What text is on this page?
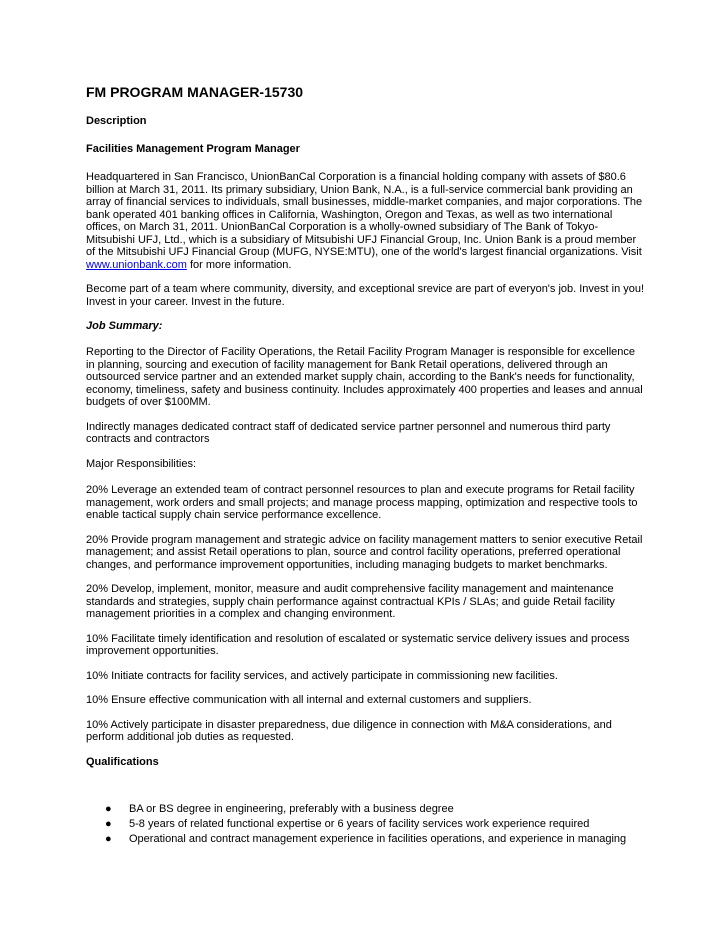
FM PROGRAM MANAGER-15730
Description
Facilities Management Program Manager

Headquartered in San Francisco, UnionBanCal Corporation is a financial holding company with assets of $80.6 billion at March 31, 2011. Its primary subsidiary, Union Bank, N.A., is a full-service commercial bank providing an array of financial services to individuals, small businesses, middle-market companies, and major corporations. The bank operated 401 banking offices in California, Washington, Oregon and Texas, as well as two international offices, on March 31, 2011. UnionBanCal Corporation is a wholly-owned subsidiary of The Bank of Tokyo-Mitsubishi UFJ, Ltd., which is a subsidiary of Mitsubishi UFJ Financial Group, Inc. Union Bank is a proud member of the Mitsubishi UFJ Financial Group (MUFG, NYSE:MTU), one of the world's largest financial organizations. Visit www.unionbank.com for more information.

Become part of a team where community, diversity, and exceptional srevice are part of everyon's job. Invest in you! Invest in your career. Invest in the future.

Job Summary:

Reporting to the Director of Facility Operations, the Retail Facility Program Manager is responsible for excellence in planning, sourcing and execution of facility management for Bank Retail operations, delivered through an outsourced service partner and an extended market supply chain, according to the Bank's needs for functionality, economy, timeliness, safety and business continuity. Includes approximately 400 properties and leases and annual budgets of over $100MM.

Indirectly manages dedicated contract staff of dedicated service partner personnel and numerous third party contracts and contractors

Major Responsibilities:

20% Leverage an extended team of contract personnel resources to plan and execute programs for Retail facility management, work orders and small projects; and manage process mapping, optimization and respective tools to enable tactical supply chain service performance excellence.

20% Provide program management and strategic advice on facility management matters to senior executive Retail management; and assist Retail operations to plan, source and control facility operations, preferred operational changes, and performance improvement opportunities, including managing budgets to market benchmarks.

20% Develop, implement, monitor, measure and audit comprehensive facility management and maintenance standards and strategies, supply chain performance against contractual KPIs / SLAs; and guide Retail facility management priorities in a complex and changing environment.

10% Facilitate timely identification and resolution of escalated or systematic service delivery issues and process improvement opportunities.

10% Initiate contracts for facility services, and actively participate in commissioning new facilities.

10% Ensure effective communication with all internal and external customers and suppliers.

10% Actively participate in disaster preparedness, due diligence in connection with M&A considerations, and perform additional job duties as requested.

Qualifications
● BA or BS degree in engineering, preferably with a business degree
● 5-8 years of related functional expertise or 6 years of facility services work experience required
● Operational and contract management experience in facilities operations, and experience in managing
